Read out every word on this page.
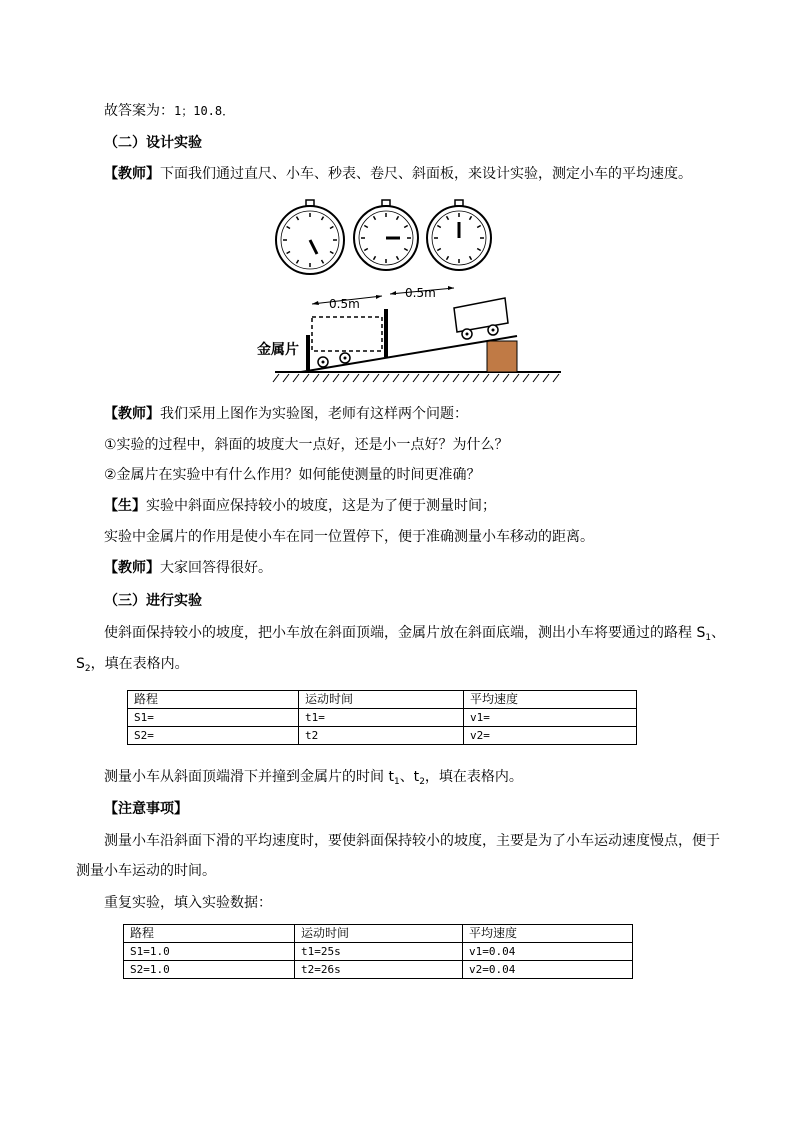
故答案为：1；10.8．
（二）设计实验
【教师】下面我们通过直尺、小车、秒表、卷尺、斜面板，来设计实验，测定小车的平均速度。
0.5m
0.5m
金属片
【教师】我们采用上图作为实验图，老师有这样两个问题：
①实验的过程中，斜面的坡度大一点好，还是小一点好？为什么？
②金属片在实验中有什么作用？如何能使测量的时间更准确？
【生】实验中斜面应保持较小的坡度，这是为了便于测量时间；
实验中金属片的作用是使小车在同一位置停下，便于准确测量小车移动的距离。
【教师】大家回答得很好。
（三）进行实验
使斜面保持较小的坡度，把小车放在斜面顶端，金属片放在斜面底端，测出小车将要通过的路程 $S_1$、
$S_2$，填在表格内。
路程	运动时间	平均速度
S1=	t1=	v1=
S2=	t2	v2=
测量小车从斜面顶端滑下并撞到金属片的时间 $t_1$、$t_2$，填在表格内。
【注意事项】
测量小车沿斜面下滑的平均速度时，要使斜面保持较小的坡度，主要是为了小车运动速度慢点，便于
测量小车运动的时间。
重复实验，填入实验数据：
路程	运动时间	平均速度
S1=1.0	t1=25s	v1=0.04
S2=1.0	t2=26s	v2=0.04
